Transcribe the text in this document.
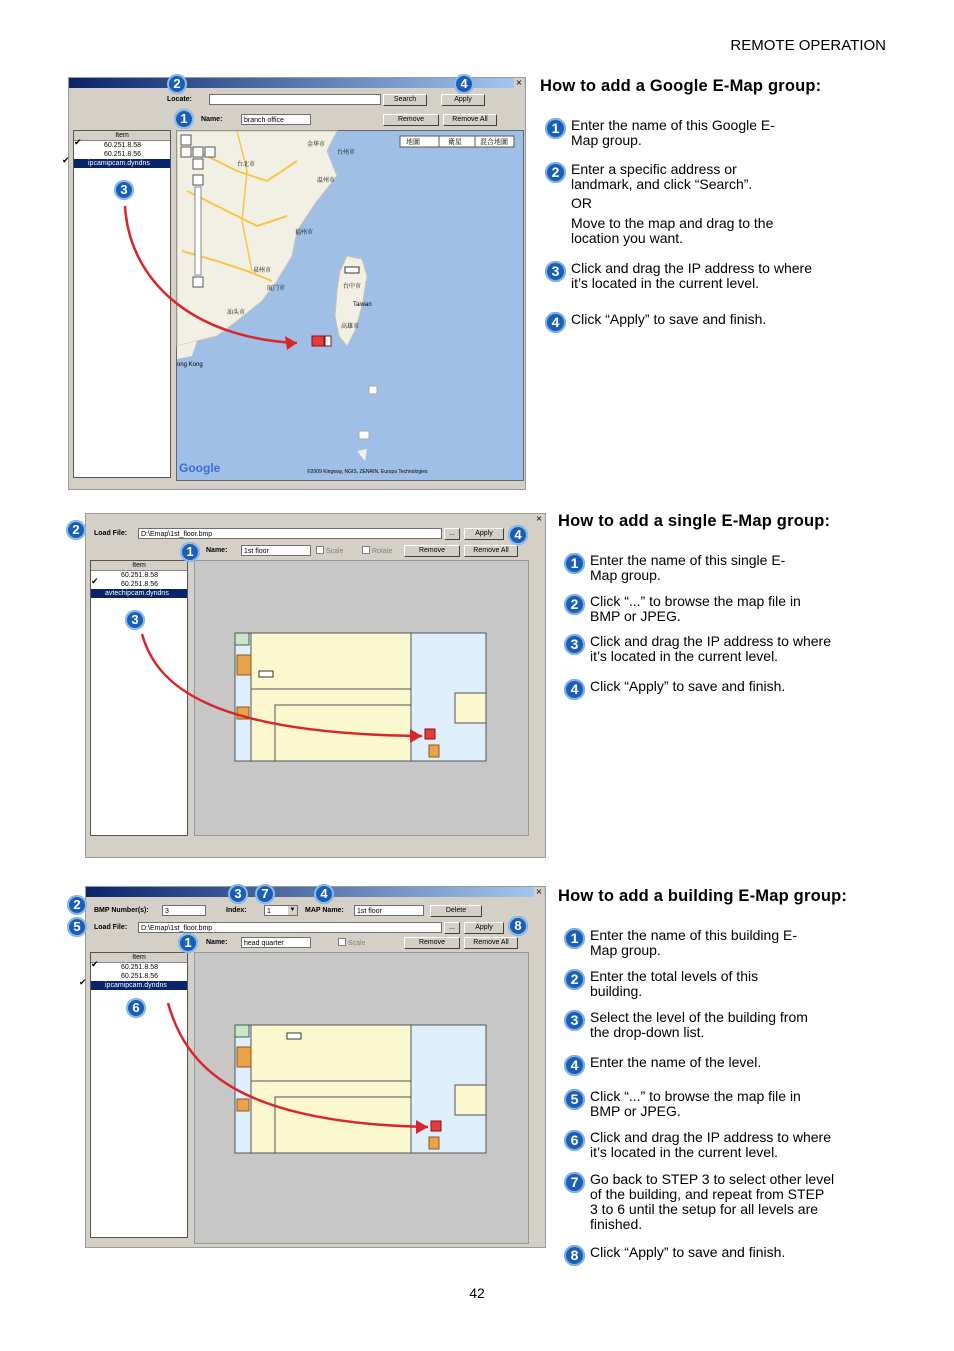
REMOTE OPERATION
×
Locate:	Search	Apply
Name:	branch office	Remove	Remove All
Item
✔	60.251.8.58
60.251.8.56
✔	ipcamipcam.dyndns
地圖	衛星	混合地圖
台北市
金华市
台州市
温州市
福州市
厦门市
泉州市
汕头市
台中市
高雄市
Taiwan
ong Kong
Google	©2009 Kingway, NGIS, ZENRIN, Europa Technologies
2	4
1
3
How to add a Google E-Map group:
1 Enter the name of this Google E-Map group.
2 Enter a specific address or landmark, and click “Search”.
OR
Move to the map and drag to the location you want.
3 Click and drag the IP address to where it’s located in the current level.
4 Click “Apply” to save and finish.
×
Load File:	D:\Emap\1st_floor.bmp	...	Apply
Name:	1st floor	Scale	Rotate	Remove	Remove All
Item
60.251.8.58
✔	60.251.8.56
avtechipcam.dyndns
2	4
1
3
How to add a single E-Map group:
1 Enter the name of this single E-Map group.
2 Click “...” to browse the map file in BMP or JPEG.
3 Click and drag the IP address to where it’s located in the current level.
4 Click “Apply” to save and finish.
×
BMP Number(s):	3	Index:	1	▼ MAP Name:	1st floor	Delete
Load File:	D:\Emap\1st_floor.bmp	...	Apply
Name:	head quarter	Scale	Remove	Remove All
Item
✔	60.251.8.58
60.251.8.56
✔	ipcamipcam.dyndns
3	7	4
2
5	8
1
6
How to add a building E-Map group:
1 Enter the name of this building E-Map group.
2 Enter the total levels of this building.
3 Select the level of the building from the drop-down list.
4 Enter the name of the level.
5 Click “...” to browse the map file in BMP or JPEG.
6 Click and drag the IP address to where it’s located in the current level.
7 Go back to STEP 3 to select other level of the building, and repeat from STEP 3 to 6 until the setup for all levels are finished.
8 Click “Apply” to save and finish.
42
